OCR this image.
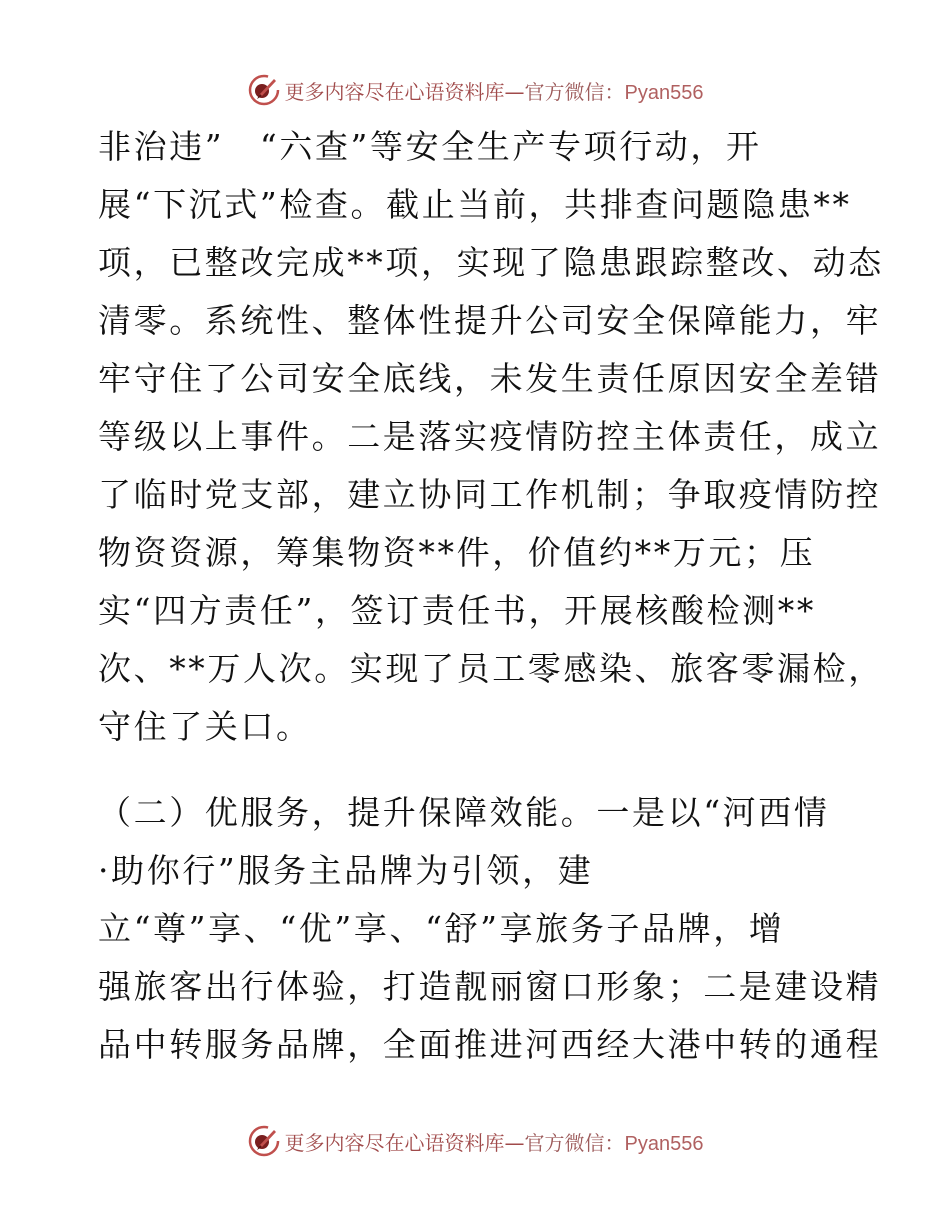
更多内容尽在心语资料库—官方微信：Pyan556
非治违”　“六查”等安全生产专项行动，开
展“下沉式”检查。截止当前，共排查问题隐患**
项，已整改完成**项，实现了隐患跟踪整改、动态
清零。系统性、整体性提升公司安全保障能力，牢
牢守住了公司安全底线，未发生责任原因安全差错
等级以上事件。二是落实疫情防控主体责任，成立
了临时党支部，建立协同工作机制；争取疫情防控
物资资源，筹集物资**件，价值约**万元；压
实“四方责任”，签订责任书，开展核酸检测**
次、**万人次。实现了员工零感染、旅客零漏检，
守住了关口。
（二）优服务，提升保障效能。一是以“河西情
·助你行”服务主品牌为引领，建
立“尊”享、“优”享、“舒”享旅务子品牌，增
强旅客出行体验，打造靓丽窗口形象；二是建设精
品中转服务品牌，全面推进河西经大港中转的通程
更多内容尽在心语资料库—官方微信：Pyan556
